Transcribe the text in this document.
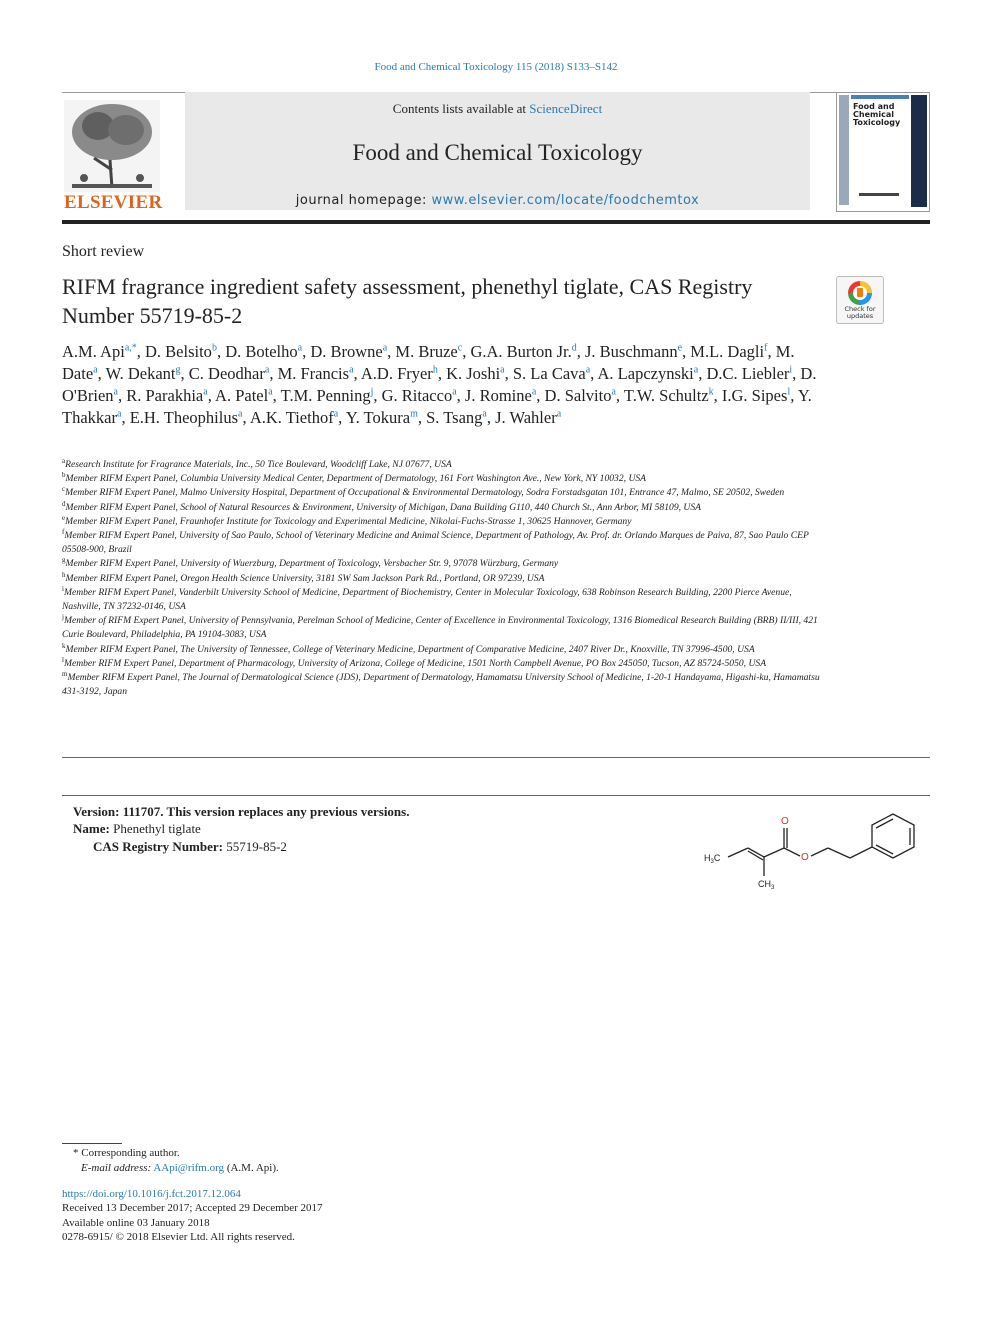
Food and Chemical Toxicology 115 (2018) S133–S142
ELSEVIER
Contents lists available at ScienceDirect
Food and Chemical Toxicology
journal homepage: www.elsevier.com/locate/foodchemtox
Food and
Chemical
Toxicology
Short review
RIFM fragrance ingredient safety assessment, phenethyl tiglate, CAS Registry Number 55719-85-2	Check for updates
A.M. Api$^{a,*}$, D. Belsito$^b$, D. Botelho$^a$, D. Browne$^a$, M. Bruze$^c$, G.A. Burton Jr.$^d$, J. Buschmann$^e$, M.L. Dagli$^f$, M. Date$^a$, W. Dekant$^g$, C. Deodhar$^a$, M. Francis$^a$, A.D. Fryer$^h$, K. Joshi$^a$, S. La Cava$^a$, A. Lapczynski$^a$, D.C. Liebler$^i$, D. O'Brien$^a$, R. Parakhia$^a$, A. Patel$^a$, T.M. Penning$^j$, G. Ritacco$^a$, J. Romine$^a$, D. Salvito$^a$, T.W. Schultz$^k$, I.G. Sipes$^l$, Y. Thakkar$^a$, E.H. Theophilus$^a$, A.K. Tiethof$^a$, Y. Tokura$^m$, S. Tsang$^a$, J. Wahler$^a$
$^a$Research Institute for Fragrance Materials, Inc., 50 Tice Boulevard, Woodcliff Lake, NJ 07677, USA
$^b$Member RIFM Expert Panel, Columbia University Medical Center, Department of Dermatology, 161 Fort Washington Ave., New York, NY 10032, USA
$^c$Member RIFM Expert Panel, Malmo University Hospital, Department of Occupational & Environmental Dermatology, Sodra Forstadsgatan 101, Entrance 47, Malmo, SE 20502, Sweden
$^d$Member RIFM Expert Panel, School of Natural Resources & Environment, University of Michigan, Dana Building G110, 440 Church St., Ann Arbor, MI 58109, USA
$^e$Member RIFM Expert Panel, Fraunhofer Institute for Toxicology and Experimental Medicine, Nikolai-Fuchs-Strasse 1, 30625 Hannover, Germany
$^f$Member RIFM Expert Panel, University of Sao Paulo, School of Veterinary Medicine and Animal Science, Department of Pathology, Av. Prof. dr. Orlando Marques de Paiva, 87, Sao Paulo CEP 05508-900, Brazil
$^g$Member RIFM Expert Panel, University of Wuerzburg, Department of Toxicology, Versbacher Str. 9, 97078 Würzburg, Germany
$^h$Member RIFM Expert Panel, Oregon Health Science University, 3181 SW Sam Jackson Park Rd., Portland, OR 97239, USA
$^i$Member RIFM Expert Panel, Vanderbilt University School of Medicine, Department of Biochemistry, Center in Molecular Toxicology, 638 Robinson Research Building, 2200 Pierce Avenue, Nashville, TN 37232-0146, USA
$^j$Member of RIFM Expert Panel, University of Pennsylvania, Perelman School of Medicine, Center of Excellence in Environmental Toxicology, 1316 Biomedical Research Building (BRB) II/III, 421 Curie Boulevard, Philadelphia, PA 19104-3083, USA
$^k$Member RIFM Expert Panel, The University of Tennessee, College of Veterinary Medicine, Department of Comparative Medicine, 2407 River Dr., Knoxville, TN 37996-4500, USA
$^l$Member RIFM Expert Panel, Department of Pharmacology, University of Arizona, College of Medicine, 1501 North Campbell Avenue, PO Box 245050, Tucson, AZ 85724-5050, USA
$^m$Member RIFM Expert Panel, The Journal of Dermatological Science (JDS), Department of Dermatology, Hamamatsu University School of Medicine, 1-20-1 Handayama, Higashi-ku, Hamamatsu 431-3192, Japan
Version: 111707. This version replaces any previous versions.
Name: Phenethyl tiglate
CAS Registry Number: 55719-85-2
$H_3C$
O
O
$CH_3$
* Corresponding author.
E-mail address: AApi@rifm.org (A.M. Api).
https://doi.org/10.1016/j.fct.2017.12.064
Received 13 December 2017; Accepted 29 December 2017
Available online 03 January 2018
0278-6915/ © 2018 Elsevier Ltd. All rights reserved.
